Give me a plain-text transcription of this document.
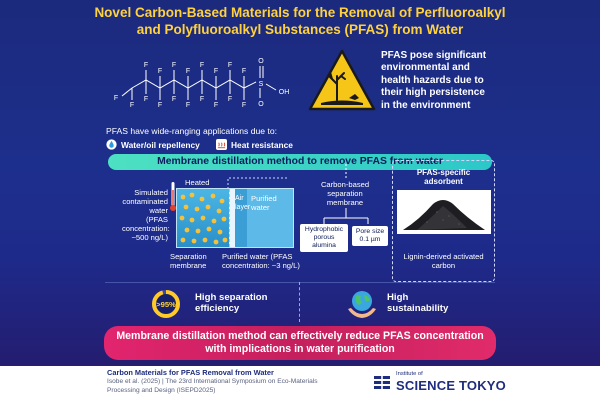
Novel Carbon-Based Materials for the Removal of Perfluoroalkyl
and Polyfluoroalkyl Substances (PFAS) from Water
F
F
F
F
F
F
F
F
F
F
F
F
F
F
F
F
F
F
S
O
O
OH
PFAS have wide-ranging applications due to:
Water/oil repellency	Heat resistance
PFAS pose significant environmental and health hazards due to their high persistence in the environment
Membrane distillation method to remove PFAS from water
Heated
Simulated
contaminated
water
(PFAS
concentration:
~500 ng/L)
Air
layer
Purified
water
Separation
membrane
Purified water (PFAS
concentration: ~3 ng/L)
Carbon-based
separation
membrane
Hydrophobic
porous
alumina
Pore size
0.1 µm
PFAS-specific
adsorbent
Lignin-derived activated
carbon
>95%
High separation
efficiency
High
sustainability
Membrane distillation method can effectively reduce PFAS concentration
with implications in water purification
Carbon Materials for PFAS Removal from Water
Isobe et al. (2025) | The 23rd International Symposium on Eco-Materials
Processing and Design (ISEPD2025)
Institute of
SCIENCE TOKYO
